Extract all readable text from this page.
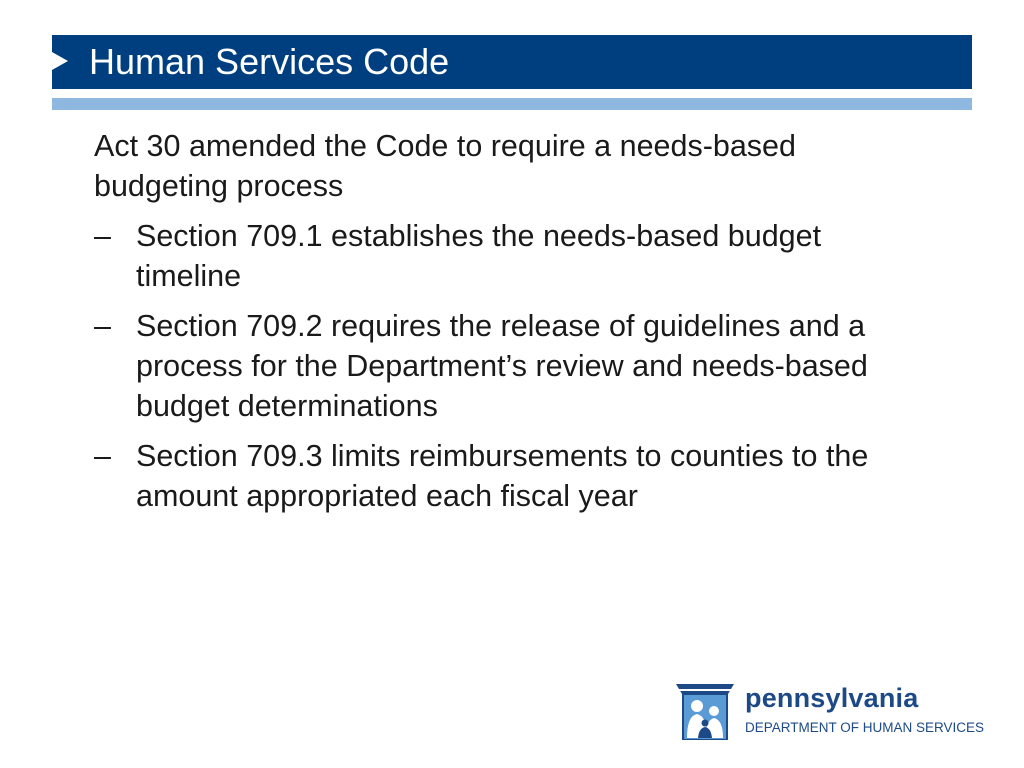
Human Services Code
Act 30 amended the Code to require a needs-based budgeting process
– Section 709.1 establishes the needs-based budget timeline
– Section 709.2 requires the release of guidelines and a process for the Department’s review and needs-based budget determinations
– Section 709.3 limits reimbursements to counties to the amount appropriated each fiscal year
pennsylvania
DEPARTMENT OF HUMAN SERVICES
